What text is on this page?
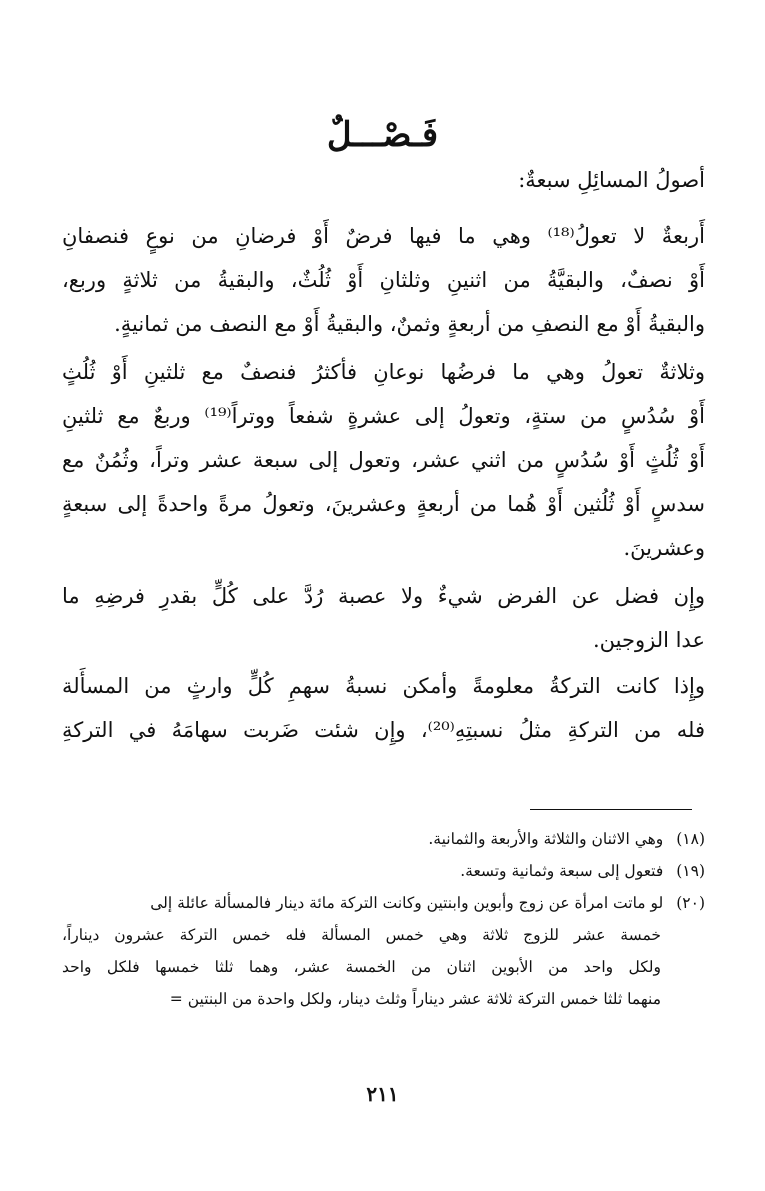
فَـصْـــلٌ
أصولُ المسائِلِ سبعةٌ:
أَربعةٌ لا تعولُ⁽¹⁸⁾ وهي ما فيها فرضٌ أَوْ فرضانِ من نوعٍ فنصفانِ
أَوْ نصفٌ، والبقيَّةُ من اثنينِ وثلثانِ أَوْ ثُلُثٌ، والبقيةُ من ثلاثةٍ وربع،
والبقيةُ أَوْ مع النصفِ من أربعةٍ وثمنٌ، والبقيةُ أَوْ مع النصف من ثمانيةٍ.
وثلاثةٌ تعولُ وهي ما فرضُها نوعانِ فأكثرُ فنصفٌ مع ثلثينِ أَوْ ثُلُثٍ
أَوْ سُدُسٍ من ستةٍ، وتعولُ إلى عشرةٍ شفعاً ووتراً⁽¹⁹⁾ وربعٌ مع ثلثينِ
أَوْ ثُلُثٍ أَوْ سُدُسٍ من اثني عشر، وتعول إلى سبعة عشر وتراً، وثُمُنٌ مع
سدسٍ أَوْ ثُلُثين أَوْ هُما من أربعةٍ وعشرينَ، وتعولُ مرةً واحدةً إلى سبعةٍ
وعشرينَ.
وإِن فضل عن الفرض شيءٌ ولا عصبة رُدَّ على كُلٍّ بقدرِ فرضِهِ ما
عدا الزوجين.
وإِذا كانت التركةُ معلومةً وأمكن نسبةُ سهمِ كُلٍّ وارثٍ من المسأَلة
فله من التركةِ مثلُ نسبتِهِ⁽²⁰⁾، وإِن شئت ضَربت سهامَهُ في التركةِ
(١٨) وهي الاثنان والثلاثة والأربعة والثمانية.
(١٩) فتعول إلى سبعة وثمانية وتسعة.
(٢٠) لو ماتت امرأة عن زوج وأبوين وابنتين وكانت التركة مائة دينار فالمسألة عائلة إلى
خمسة عشر للزوج ثلاثة وهي خمس المسألة فله خمس التركة عشرون ديناراً،
ولكل واحد من الأبوين اثنان من الخمسة عشر، وهما ثلثا خمسها فلكل واحد
منهما ثلثا خمس التركة ثلاثة عشر ديناراً وثلث دينار، ولكل واحدة من البنتين =
٢١١
